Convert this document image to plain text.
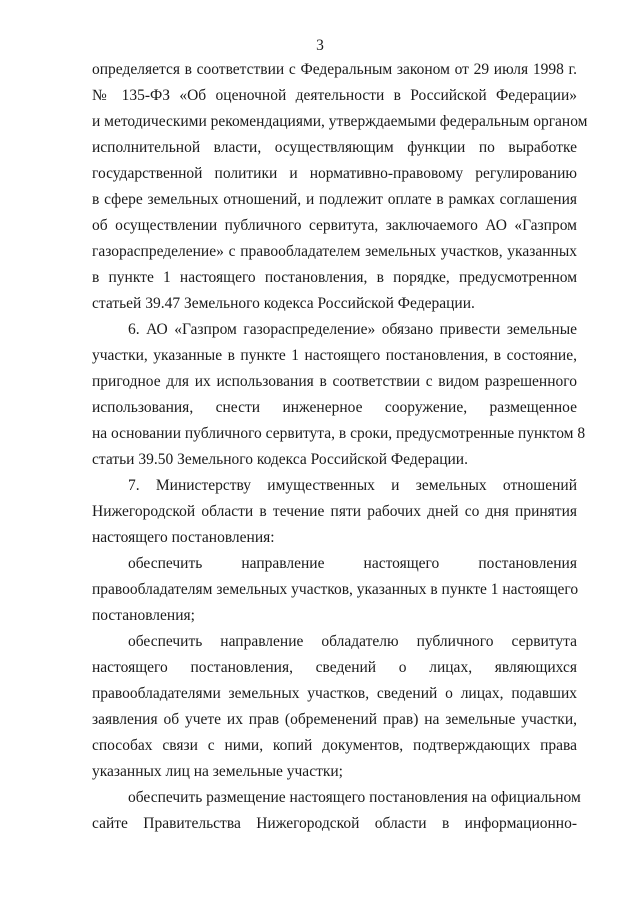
3
определяется в соответствии с Федеральным законом от 29 июля 1998 г.
№ 135-ФЗ «Об оценочной деятельности в Российской Федерации»
и методическими рекомендациями, утверждаемыми федеральным органом
исполнительной власти, осуществляющим функции по выработке
государственной политики и нормативно-правовому регулированию
в сфере земельных отношений, и подлежит оплате в рамках соглашения
об осуществлении публичного сервитута, заключаемого АО «Газпром
газораспределение» с правообладателем земельных участков, указанных
в пункте 1 настоящего постановления, в порядке, предусмотренном
статьей 39.47 Земельного кодекса Российской Федерации.
6. АО «Газпром газораспределение» обязано привести земельные
участки, указанные в пункте 1 настоящего постановления, в состояние,
пригодное для их использования в соответствии с видом разрешенного
использования, снести инженерное сооружение, размещенное
на основании публичного сервитута, в сроки, предусмотренные пунктом 8
статьи 39.50 Земельного кодекса Российской Федерации.
7. Министерству имущественных и земельных отношений
Нижегородской области в течение пяти рабочих дней со дня принятия
настоящего постановления:
обеспечить направление настоящего постановления
правообладателям земельных участков, указанных в пункте 1 настоящего
постановления;
обеспечить направление обладателю публичного сервитута
настоящего постановления, сведений о лицах, являющихся
правообладателями земельных участков, сведений о лицах, подавших
заявления об учете их прав (обременений прав) на земельные участки,
способах связи с ними, копий документов, подтверждающих права
указанных лиц на земельные участки;
обеспечить размещение настоящего постановления на официальном
сайте Правительства Нижегородской области в информационно-
